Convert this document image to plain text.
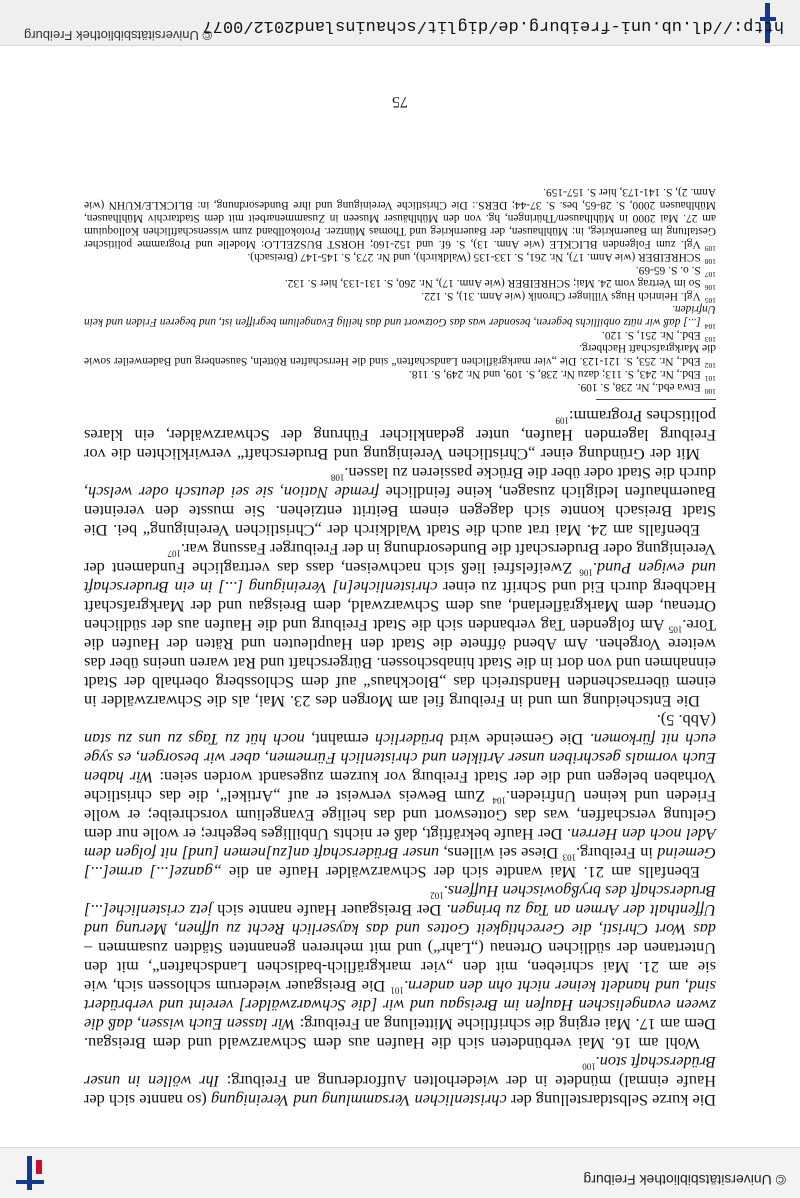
© Universitätsbibliothek Freiburg

Die kurze Selbstdarstellung der christenlichen Versammlung und Vereinigung (so nannte sich der Haufe einmal) mündete in der wiederholten Aufforderung an Freiburg: Ihr wöllen in unser Brüderschaft ston.$^{100}$

Wohl am 16. Mai verbündeten sich die Haufen aus dem Schwarzwald und dem Breisgau. Dem am 17. Mai erging die schriftliche Mitteilung an Freiburg: Wir lassen Euch wissen, daß die zween evangelischen Haufen im Breisgau und wir [die Schwarzwälder] vereint und verbrüdert sind, und handelt keiner nicht ohn den andern.$^{101}$ Die Breisgauer wiederum schlossen sich, wie sie am 21. Mai schrieben, mit den „vier markgräflich-badischen Landschaften“, mit den Untertanen der südlichen Ortenau („Lahr“) und mit mehreren genannten Städten zusammen – das Wort Christi, die Gerechtigkeit Gottes und das kayserlich Recht zu uffnen, Merung und Uffenthalt der Armen an Tag zu bringen. Der Breisgauer Haufe nannte sich jetz cristenliche[...] Bruderschaft des bryßgowischen Huffens.$^{102}$

Ebenfalls am 21. Mai wandte sich der Schwarzwälder Haufe an die „ganze[...] arme[...] Gemeind in Freiburg.$^{103}$ Diese sei willens, unser Brüderschaft an[zu]nemen [und] nit folgen dem Adel noch den Herren. Der Haufe bekräftigt, daß er nichts Unbilliges begehre; er wolle nur dem Geltung verschaffen, was das Gotteswort und das heilige Evangelium vorschreibe; er wolle Frieden und keinen Unfrieden.$^{104}$ Zum Beweis verweist er auf „Artikel“, die das christliche Vorhaben belegen und die der Stadt Freiburg vor kurzem zugesandt worden seien: Wir haben Euch vormals geschriben unser Artiklen und christenlich Fürnemen, aber wir besorgen, es syge euch nit fürkomen. Die Gemeinde wird brüderlich ermahnt, noch hüt zu Tags zu uns zu stan (Abb. 5).

Die Entscheidung um und in Freiburg fiel am Morgen des 23. Mai, als die Schwarzwälder in einem überraschenden Handstreich das „Blockhaus“ auf dem Schlossberg oberhalb der Stadt einnahmen und von dort in die Stadt hinabschossen. Bürgerschaft und Rat waren uneins über das weitere Vorgehen. Am Abend öffnete die Stadt den Hauptleuten und Räten der Haufen die Tore.$^{105}$ Am folgenden Tag verbanden sich die Stadt Freiburg und die Haufen aus der südlichen Ortenau, dem Markgräflerland, aus dem Schwarzwald, dem Breisgau und der Markgrafschaft Hachberg durch Eid und Schrift zu einer christenliche[n] Vereinigung [...] in ein Bruderschaft und ewigen Pund.$^{106}$ Zweifelsfrei ließ sich nachweisen, dass das vertragliche Fundament der Vereinigung oder Bruderschaft die Bundesordnung in der Freiburger Fassung war.$^{107}$

Ebenfalls am 24. Mai trat auch die Stadt Waldkirch der „Christlichen Vereinigung“ bei. Die Stadt Breisach konnte sich dagegen einem Beitritt entziehen. Sie musste den vereinten Bauernhaufen lediglich zusagen, keine feindliche fremde Nation, sie sei deutsch oder welsch, durch die Stadt oder über die Brücke passieren zu lassen.$^{108}$

Mit der Gründung einer „Christlichen Vereinigung und Bruderschaft“ verwirklichten die vor Freiburg lagernden Haufen, unter gedanklicher Führung der Schwarzwälder, ein klares politisches Programm:$^{109}$

$^{100}$Etwa ebd., Nr. 238, S. 109.

$^{101}$Ebd., Nr. 243, S. 113; dazu Nr. 238, S. 109, und Nr. 249, S. 118.

$^{102}$Ebd., Nr. 253, S. 121-123. Die „vier markgräflichen Landschaften“ sind die Herrschaften Rötteln, Sausenberg und Badenweiler sowie die Markgrafschaft Hachberg.

$^{103}$Ebd., Nr. 251, S. 120.

$^{104}$[...] daß wir nütz onbillichs begeren, besonder was das Gotzwort und das heilig Evangelium begriffen ist, und begeren Friden und kein Unfriden.

$^{105}$Vgl. Heinrich Hugs Villinger Chronik (wie Anm. 31), S. 122.

$^{106}$So im Vertrag vom 24. Mai; SCHREIBER (wie Anm. 17), Nr. 260, S. 131-133, hier S. 132.

$^{107}$S. o. S. 65-69.

$^{108}$SCHREIBER (wie Anm. 17), Nr. 261, S. 133-135 (Waldkirch), und Nr. 273, S. 145-147 (Breisach).

$^{109}$Vgl. zum Folgenden BLICKLE (wie Anm. 13), S. 6f. und 152-160; HORST BUSZELLO: Modelle und Programme politischer Gestaltung im Bauernkrieg, in: Mühlhausen, der Bauernkrieg und Thomas Müntzer. Protokollband zum wissenschaftlichen Kolloquium am 27. Mai 2000 in Mühlhausen/Thüringen, hg. von den Mühlhäuser Museen in Zusammenarbeit mit dem Stadtarchiv Mühlhausen, Mühlhausen 2000, S. 28-65, bes. S. 37-44; DERS.: Die Christliche Vereinigung und ihre Bundesordnung, in: BLICKLE/KUHN (wie Anm. 2), S. 141-173, hier S. 157-159.

75
http://dl.ub.uni-freiburg.de/diglit/schauinsland2012/0077
© Universitätsbibliothek Freiburg
